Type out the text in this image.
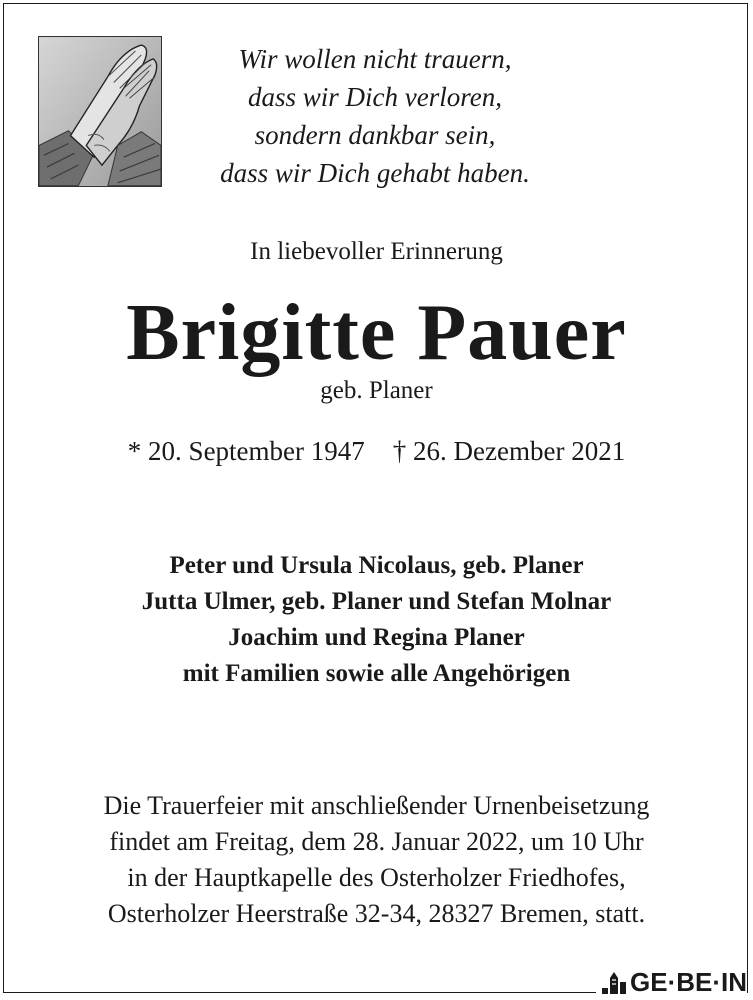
Wir wollen nicht trauern,
dass wir Dich verloren,
sondern dankbar sein,
dass wir Dich gehabt haben.
In liebevoller Erinnerung
Brigitte Pauer
geb. Planer
* 20. September 1947 † 26. Dezember 2021
Peter und Ursula Nicolaus, geb. Planer
Jutta Ulmer, geb. Planer und Stefan Molnar
Joachim und Regina Planer
mit Familien sowie alle Angehörigen
Die Trauerfeier mit anschließender Urnenbeisetzung
findet am Freitag, dem 28. Januar 2022, um 10 Uhr
in der Hauptkapelle des Osterholzer Friedhofes,
Osterholzer Heerstraße 32-34, 28327 Bremen, statt.
GE·BE·IN
